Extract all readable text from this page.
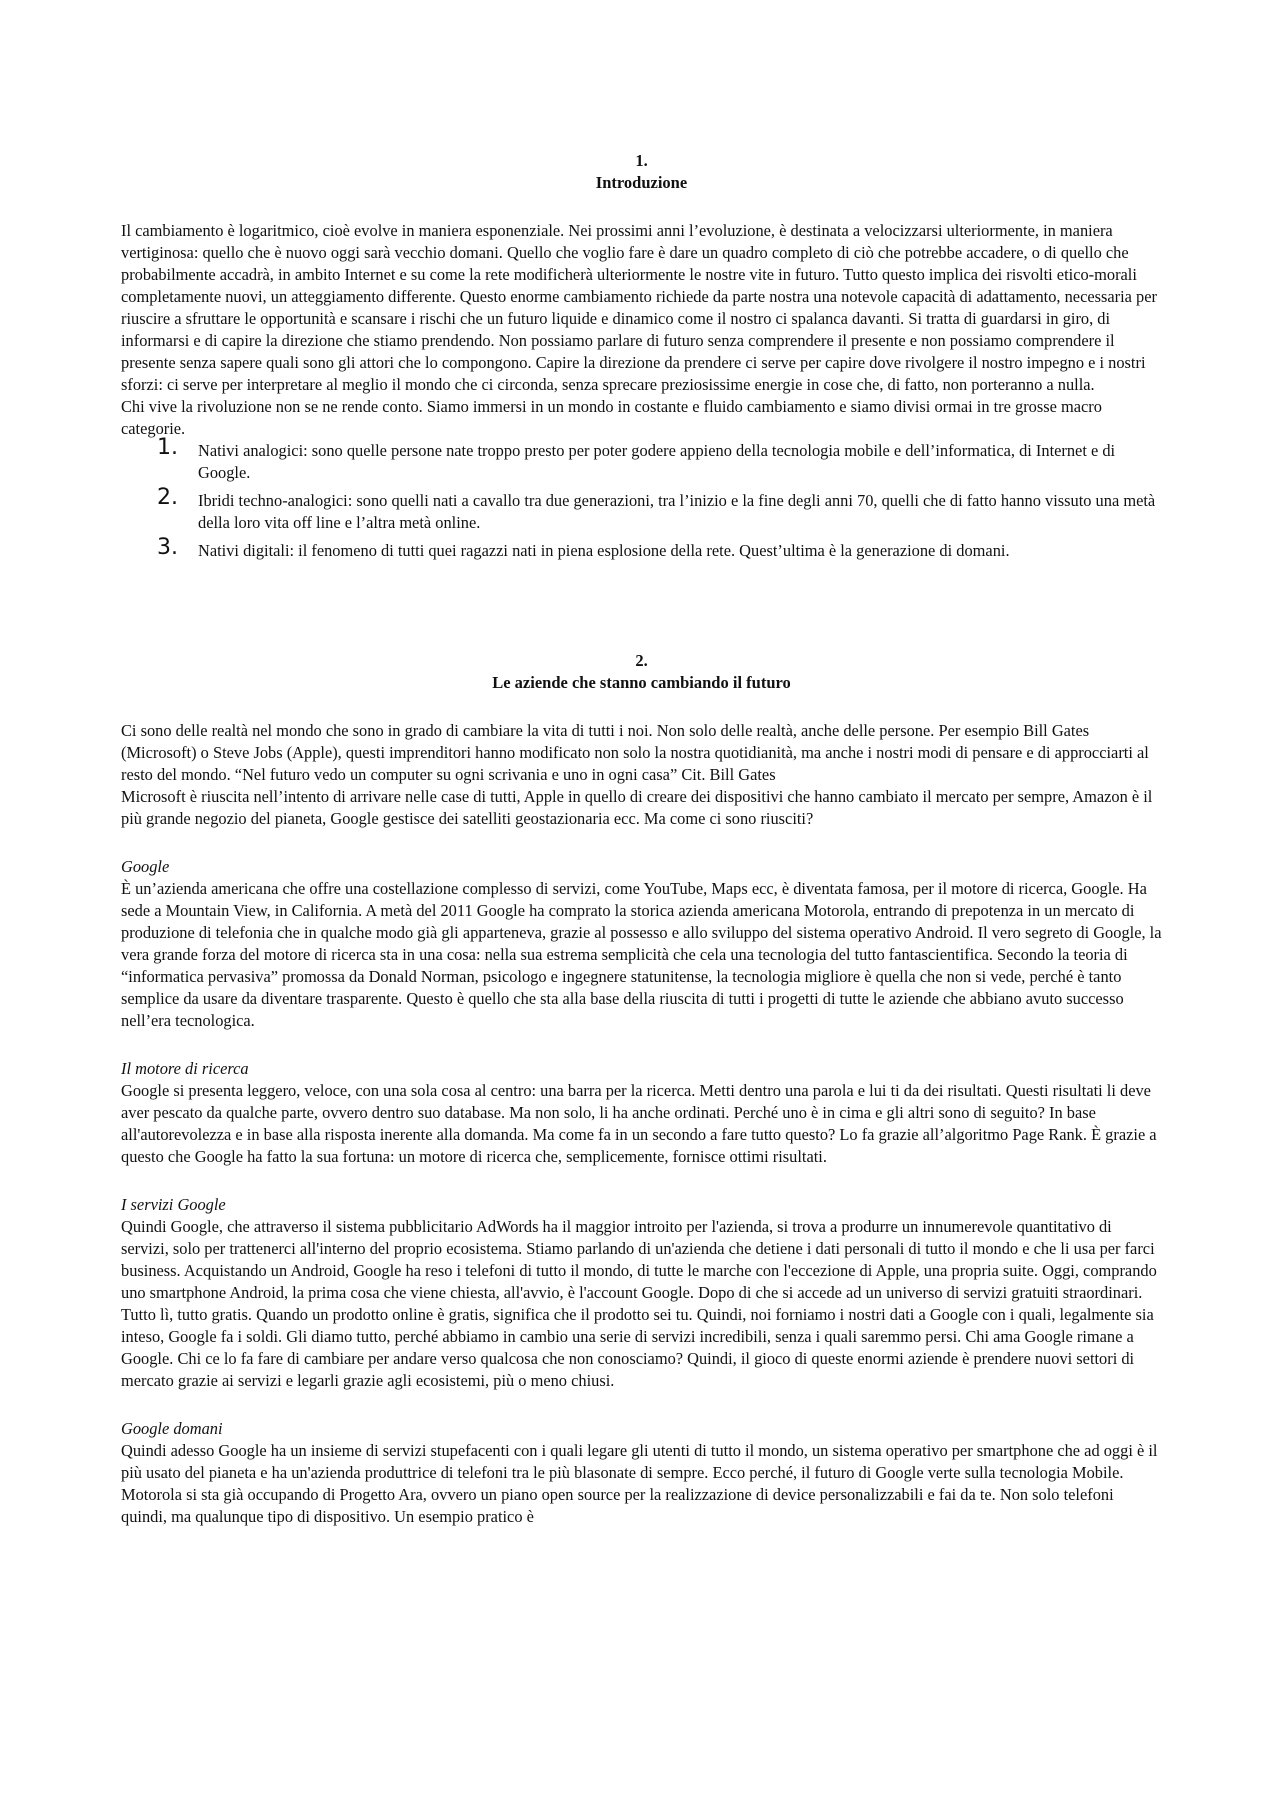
1.
Introduzione

Il cambiamento è logaritmico, cioè evolve in maniera esponenziale. Nei prossimi anni l’evoluzione, è destinata a velocizzarsi ulteriormente, in maniera vertiginosa: quello che è nuovo oggi sarà vecchio domani. Quello che voglio fare è dare un quadro completo di ciò che potrebbe accadere, o di quello che probabilmente accadrà, in ambito Internet e su come la rete modificherà ulteriormente le nostre vite in futuro. Tutto questo implica dei risvolti etico-morali completamente nuovi, un atteggiamento differente. Questo enorme cambiamento richiede da parte nostra una notevole capacità di adattamento, necessaria per riuscire a sfruttare le opportunità e scansare i rischi che un futuro liquide e dinamico come il nostro ci spalanca davanti. Si tratta di guardarsi in giro, di informarsi e di capire la direzione che stiamo prendendo. Non possiamo parlare di futuro senza comprendere il presente e non possiamo comprendere il presente senza sapere quali sono gli attori che lo compongono. Capire la direzione da prendere ci serve per capire dove rivolgere il nostro impegno e i nostri sforzi: ci serve per interpretare al meglio il mondo che ci circonda, senza sprecare preziosissime energie in cose che, di fatto, non porteranno a nulla.

Chi vive la rivoluzione non se ne rende conto. Siamo immersi in un mondo in costante e fluido cambiamento e siamo divisi ormai in tre grosse macro categorie.

1. Nativi analogici: sono quelle persone nate troppo presto per poter godere appieno della tecnologia mobile e dell’informatica, di Internet e di Google.
2. Ibridi techno-analogici: sono quelli nati a cavallo tra due generazioni, tra l’inizio e la fine degli anni 70, quelli che di fatto hanno vissuto una metà della loro vita off line e l’altra metà online.
3. Nativi digitali: il fenomeno di tutti quei ragazzi nati in piena esplosione della rete. Quest’ultima è la generazione di domani.
2.
Le aziende che stanno cambiando il futuro

Ci sono delle realtà nel mondo che sono in grado di cambiare la vita di tutti i noi. Non solo delle realtà, anche delle persone. Per esempio Bill Gates (Microsoft) o Steve Jobs (Apple), questi imprenditori hanno modificato non solo la nostra quotidianità, ma anche i nostri modi di pensare e di approcciarti al resto del mondo. “Nel futuro vedo un computer su ogni scrivania e uno in ogni casa” Cit. Bill Gates

Microsoft è riuscita nell’intento di arrivare nelle case di tutti, Apple in quello di creare dei dispositivi che hanno cambiato il mercato per sempre, Amazon è il più grande negozio del pianeta, Google gestisce dei satelliti geostazionaria ecc. Ma come ci sono riusciti?

Google

È un’azienda americana che offre una costellazione complesso di servizi, come YouTube, Maps ecc, è diventata famosa, per il motore di ricerca, Google. Ha sede a Mountain View, in California. A metà del 2011 Google ha comprato la storica azienda americana Motorola, entrando di prepotenza in un mercato di produzione di telefonia che in qualche modo già gli apparteneva, grazie al possesso e allo sviluppo del sistema operativo Android. Il vero segreto di Google, la vera grande forza del motore di ricerca sta in una cosa: nella sua estrema semplicità che cela una tecnologia del tutto fantascientifica. Secondo la teoria di “informatica pervasiva” promossa da Donald Norman, psicologo e ingegnere statunitense, la tecnologia migliore è quella che non si vede, perché è tanto semplice da usare da diventare trasparente. Questo è quello che sta alla base della riuscita di tutti i progetti di tutte le aziende che abbiano avuto successo nell’era tecnologica.

Il motore di ricerca

Google si presenta leggero, veloce, con una sola cosa al centro: una barra per la ricerca. Metti dentro una parola e lui ti da dei risultati. Questi risultati li deve aver pescato da qualche parte, ovvero dentro suo database. Ma non solo, li ha anche ordinati. Perché uno è in cima e gli altri sono di seguito? In base all'autorevolezza e in base alla risposta inerente alla domanda. Ma come fa in un secondo a fare tutto questo? Lo fa grazie all’algoritmo Page Rank. È grazie a questo che Google ha fatto la sua fortuna: un motore di ricerca che, semplicemente, fornisce ottimi risultati.

I servizi Google

Quindi Google, che attraverso il sistema pubblicitario AdWords ha il maggior introito per l'azienda, si trova a produrre un innumerevole quantitativo di servizi, solo per trattenerci all'interno del proprio ecosistema. Stiamo parlando di un'azienda che detiene i dati personali di tutto il mondo e che li usa per farci business. Acquistando un Android, Google ha reso i telefoni di tutto il mondo, di tutte le marche con l'eccezione di Apple, una propria suite. Oggi, comprando uno smartphone Android, la prima cosa che viene chiesta, all'avvio, è l'account Google. Dopo di che si accede ad un universo di servizi gratuiti straordinari. Tutto lì, tutto gratis. Quando un prodotto online è gratis, significa che il prodotto sei tu. Quindi, noi forniamo i nostri dati a Google con i quali, legalmente sia inteso, Google fa i soldi. Gli diamo tutto, perché abbiamo in cambio una serie di servizi incredibili, senza i quali saremmo persi. Chi ama Google rimane a Google. Chi ce lo fa fare di cambiare per andare verso qualcosa che non conosciamo? Quindi, il gioco di queste enormi aziende è prendere nuovi settori di mercato grazie ai servizi e legarli grazie agli ecosistemi, più o meno chiusi.

Google domani

Quindi adesso Google ha un insieme di servizi stupefacenti con i quali legare gli utenti di tutto il mondo, un sistema operativo per smartphone che ad oggi è il più usato del pianeta e ha un'azienda produttrice di telefoni tra le più blasonate di sempre. Ecco perché, il futuro di Google verte sulla tecnologia Mobile. Motorola si sta già occupando di Progetto Ara, ovvero un piano open source per la realizzazione di device personalizzabili e fai da te. Non solo telefoni quindi, ma qualunque tipo di dispositivo. Un esempio pratico è
